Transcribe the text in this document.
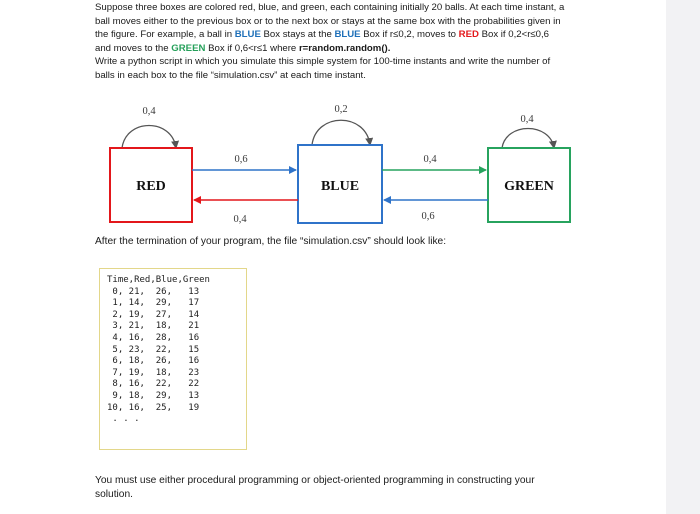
Suppose three boxes are colored red, blue, and green, each containing initially 20 balls. At each time instant, a ball moves either to the previous box or to the next box or stays at the same box with the probabilities given in the figure. For example, a ball in BLUE Box stays at the BLUE Box if r≤0,2, moves to RED Box if 0,2<r≤0,6 and moves to the GREEN Box if 0,6<r≤1 where r=random.random().
Write a python script in which you simulate this simple system for 100-time instants and write the number of balls in each box to the file “simulation.csv” at each time instant.

RED	BLUE	GREEN
0,4	0,2
0,4
0,6	0,4
0,4	0,6

After the termination of your program, the file “simulation.csv” should look like:

Time,Red,Blue,Green
0, 21,  26,   13
1, 14,  29,   17
2, 19,  27,   14
3, 21,  18,   21
4, 16,  28,   16
5, 23,  22,   15
6, 18,  26,   16
7, 19,  18,   23
8, 16,  22,   22
9, 18,  29,   13
10, 16,  25,   19
. . .

You must use either procedural programming or object-oriented programming in constructing your solution.
